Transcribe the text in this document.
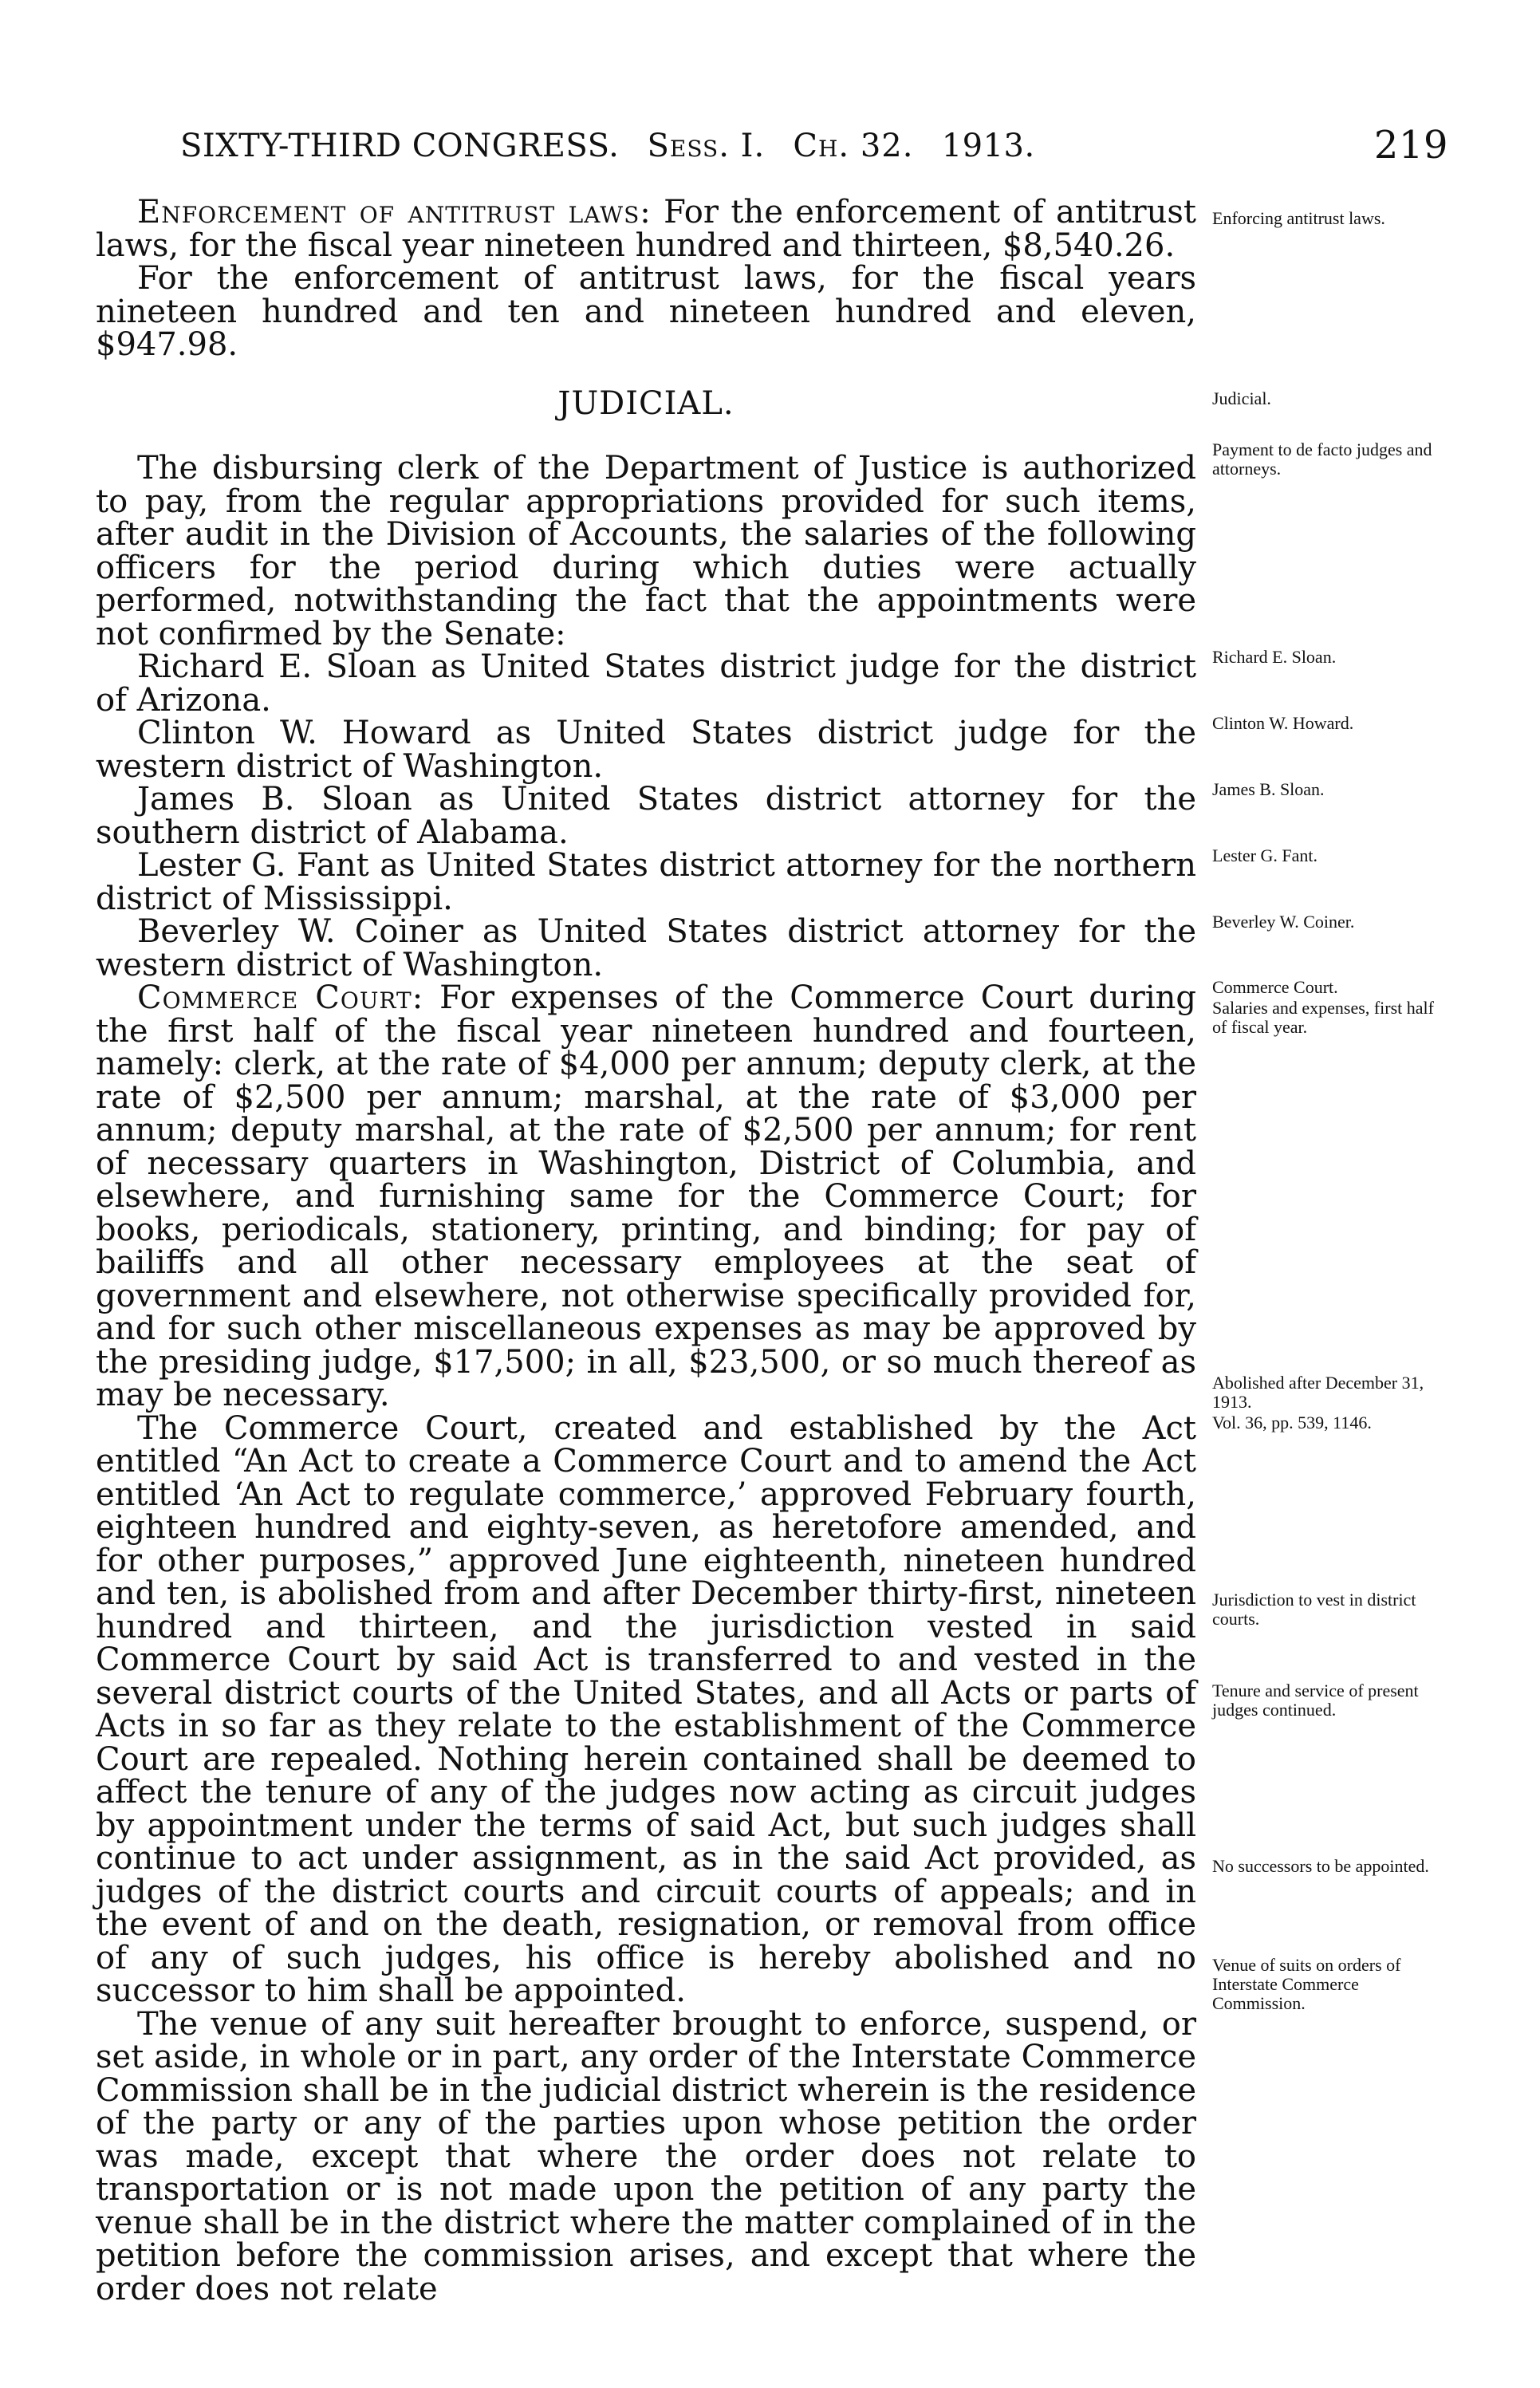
SIXTY-THIRD CONGRESS. Sess. I. Ch. 32. 1913.	219

Enforcement of antitrust laws: For the enforcement of antitrust laws, for the fiscal year nineteen hundred and thirteen, $8,540.26.

For the enforcement of antitrust laws, for the fiscal years nineteen hundred and ten and nineteen hundred and eleven, $947.98.

JUDICIAL.

The disbursing clerk of the Department of Justice is authorized to pay, from the regular appropriations provided for such items, after audit in the Division of Accounts, the salaries of the following officers for the period during which duties were actually performed, notwithstanding the fact that the appointments were not confirmed by the Senate:

Richard E. Sloan as United States district judge for the district of Arizona.

Clinton W. Howard as United States district judge for the western district of Washington.

James B. Sloan as United States district attorney for the southern district of Alabama.

Lester G. Fant as United States district attorney for the northern district of Mississippi.

Beverley W. Coiner as United States district attorney for the western district of Washington.

Commerce Court: For expenses of the Commerce Court during the first half of the fiscal year nineteen hundred and fourteen, namely: clerk, at the rate of $4,000 per annum; deputy clerk, at the rate of $2,500 per annum; marshal, at the rate of $3,000 per annum; deputy marshal, at the rate of $2,500 per annum; for rent of necessary quarters in Washington, District of Columbia, and elsewhere, and furnishing same for the Commerce Court; for books, periodicals, stationery, printing, and binding; for pay of bailiffs and all other necessary employees at the seat of government and elsewhere, not otherwise specifically provided for, and for such other miscellaneous expenses as may be approved by the presiding judge, $17,500; in all, $23,500, or so much thereof as may be necessary.

The Commerce Court, created and established by the Act entitled “An Act to create a Commerce Court and to amend the Act entitled ‘An Act to regulate commerce,’ approved February fourth, eighteen hundred and eighty-seven, as heretofore amended, and for other purposes,” approved June eighteenth, nineteen hundred and ten, is abolished from and after December thirty-first, nineteen hundred and thirteen, and the jurisdiction vested in said Commerce Court by said Act is transferred to and vested in the several district courts of the United States, and all Acts or parts of Acts in so far as they relate to the establishment of the Commerce Court are repealed. Nothing herein contained shall be deemed to affect the tenure of any of the judges now acting as circuit judges by appointment under the terms of said Act, but such judges shall continue to act under assignment, as in the said Act provided, as judges of the district courts and circuit courts of appeals; and in the event of and on the death, resignation, or removal from office of any of such judges, his office is hereby abolished and no successor to him shall be appointed.

The venue of any suit hereafter brought to enforce, suspend, or set aside, in whole or in part, any order of the Interstate Commerce Commission shall be in the judicial district wherein is the residence of the party or any of the parties upon whose petition the order was made, except that where the order does not relate to transportation or is not made upon the petition of any party the venue shall be in the district where the matter complained of in the petition before the commission arises, and except that where the order does not relate

Enforcing antitrust laws.
Judicial.
Payment to de facto judges and attorneys.
Richard E. Sloan.
Clinton W. Howard.
James B. Sloan.
Lester G. Fant.
Beverley W. Coiner.
Commerce Court.
Salaries and expenses, first half of fiscal year.
Abolished after December 31, 1913.
Vol. 36, pp. 539, 1146.
Jurisdiction to vest in district courts.
Tenure and service of present judges continued.
No successors to be appointed.
Venue of suits on orders of Interstate Commerce Commission.
